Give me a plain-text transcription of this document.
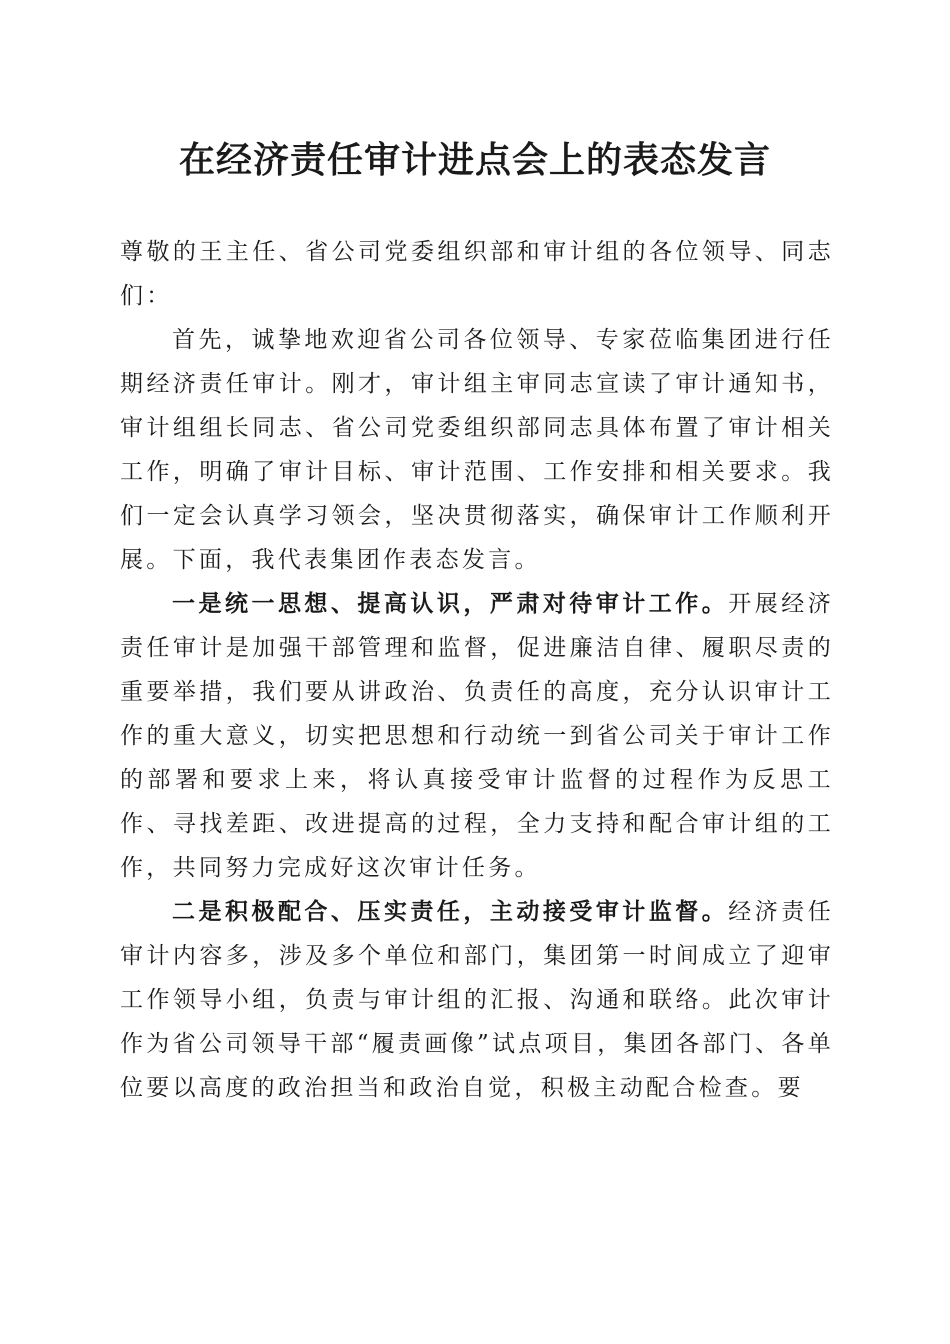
在经济责任审计进点会上的表态发言

尊敬的王主任、省公司党委组织部和审计组的各位领导、同志们：

首先，诚挚地欢迎省公司各位领导、专家莅临集团进行任期经济责任审计。刚才，审计组主审同志宣读了审计通知书，审计组组长同志、省公司党委组织部同志具体布置了审计相关工作，明确了审计目标、审计范围、工作安排和相关要求。我们一定会认真学习领会，坚决贯彻落实，确保审计工作顺利开展。下面，我代表集团作表态发言。

一是统一思想、提高认识，严肃对待审计工作。开展经济责任审计是加强干部管理和监督，促进廉洁自律、履职尽责的重要举措，我们要从讲政治、负责任的高度，充分认识审计工作的重大意义，切实把思想和行动统一到省公司关于审计工作的部署和要求上来，将认真接受审计监督的过程作为反思工作、寻找差距、改进提高的过程，全力支持和配合审计组的工作，共同努力完成好这次审计任务。

二是积极配合、压实责任，主动接受审计监督。经济责任审计内容多，涉及多个单位和部门，集团第一时间成立了迎审工作领导小组，负责与审计组的汇报、沟通和联络。此次审计作为省公司领导干部“履责画像”试点项目，集团各部门、各单位要以高度的政治担当和政治自觉，积极主动配合检查。要
